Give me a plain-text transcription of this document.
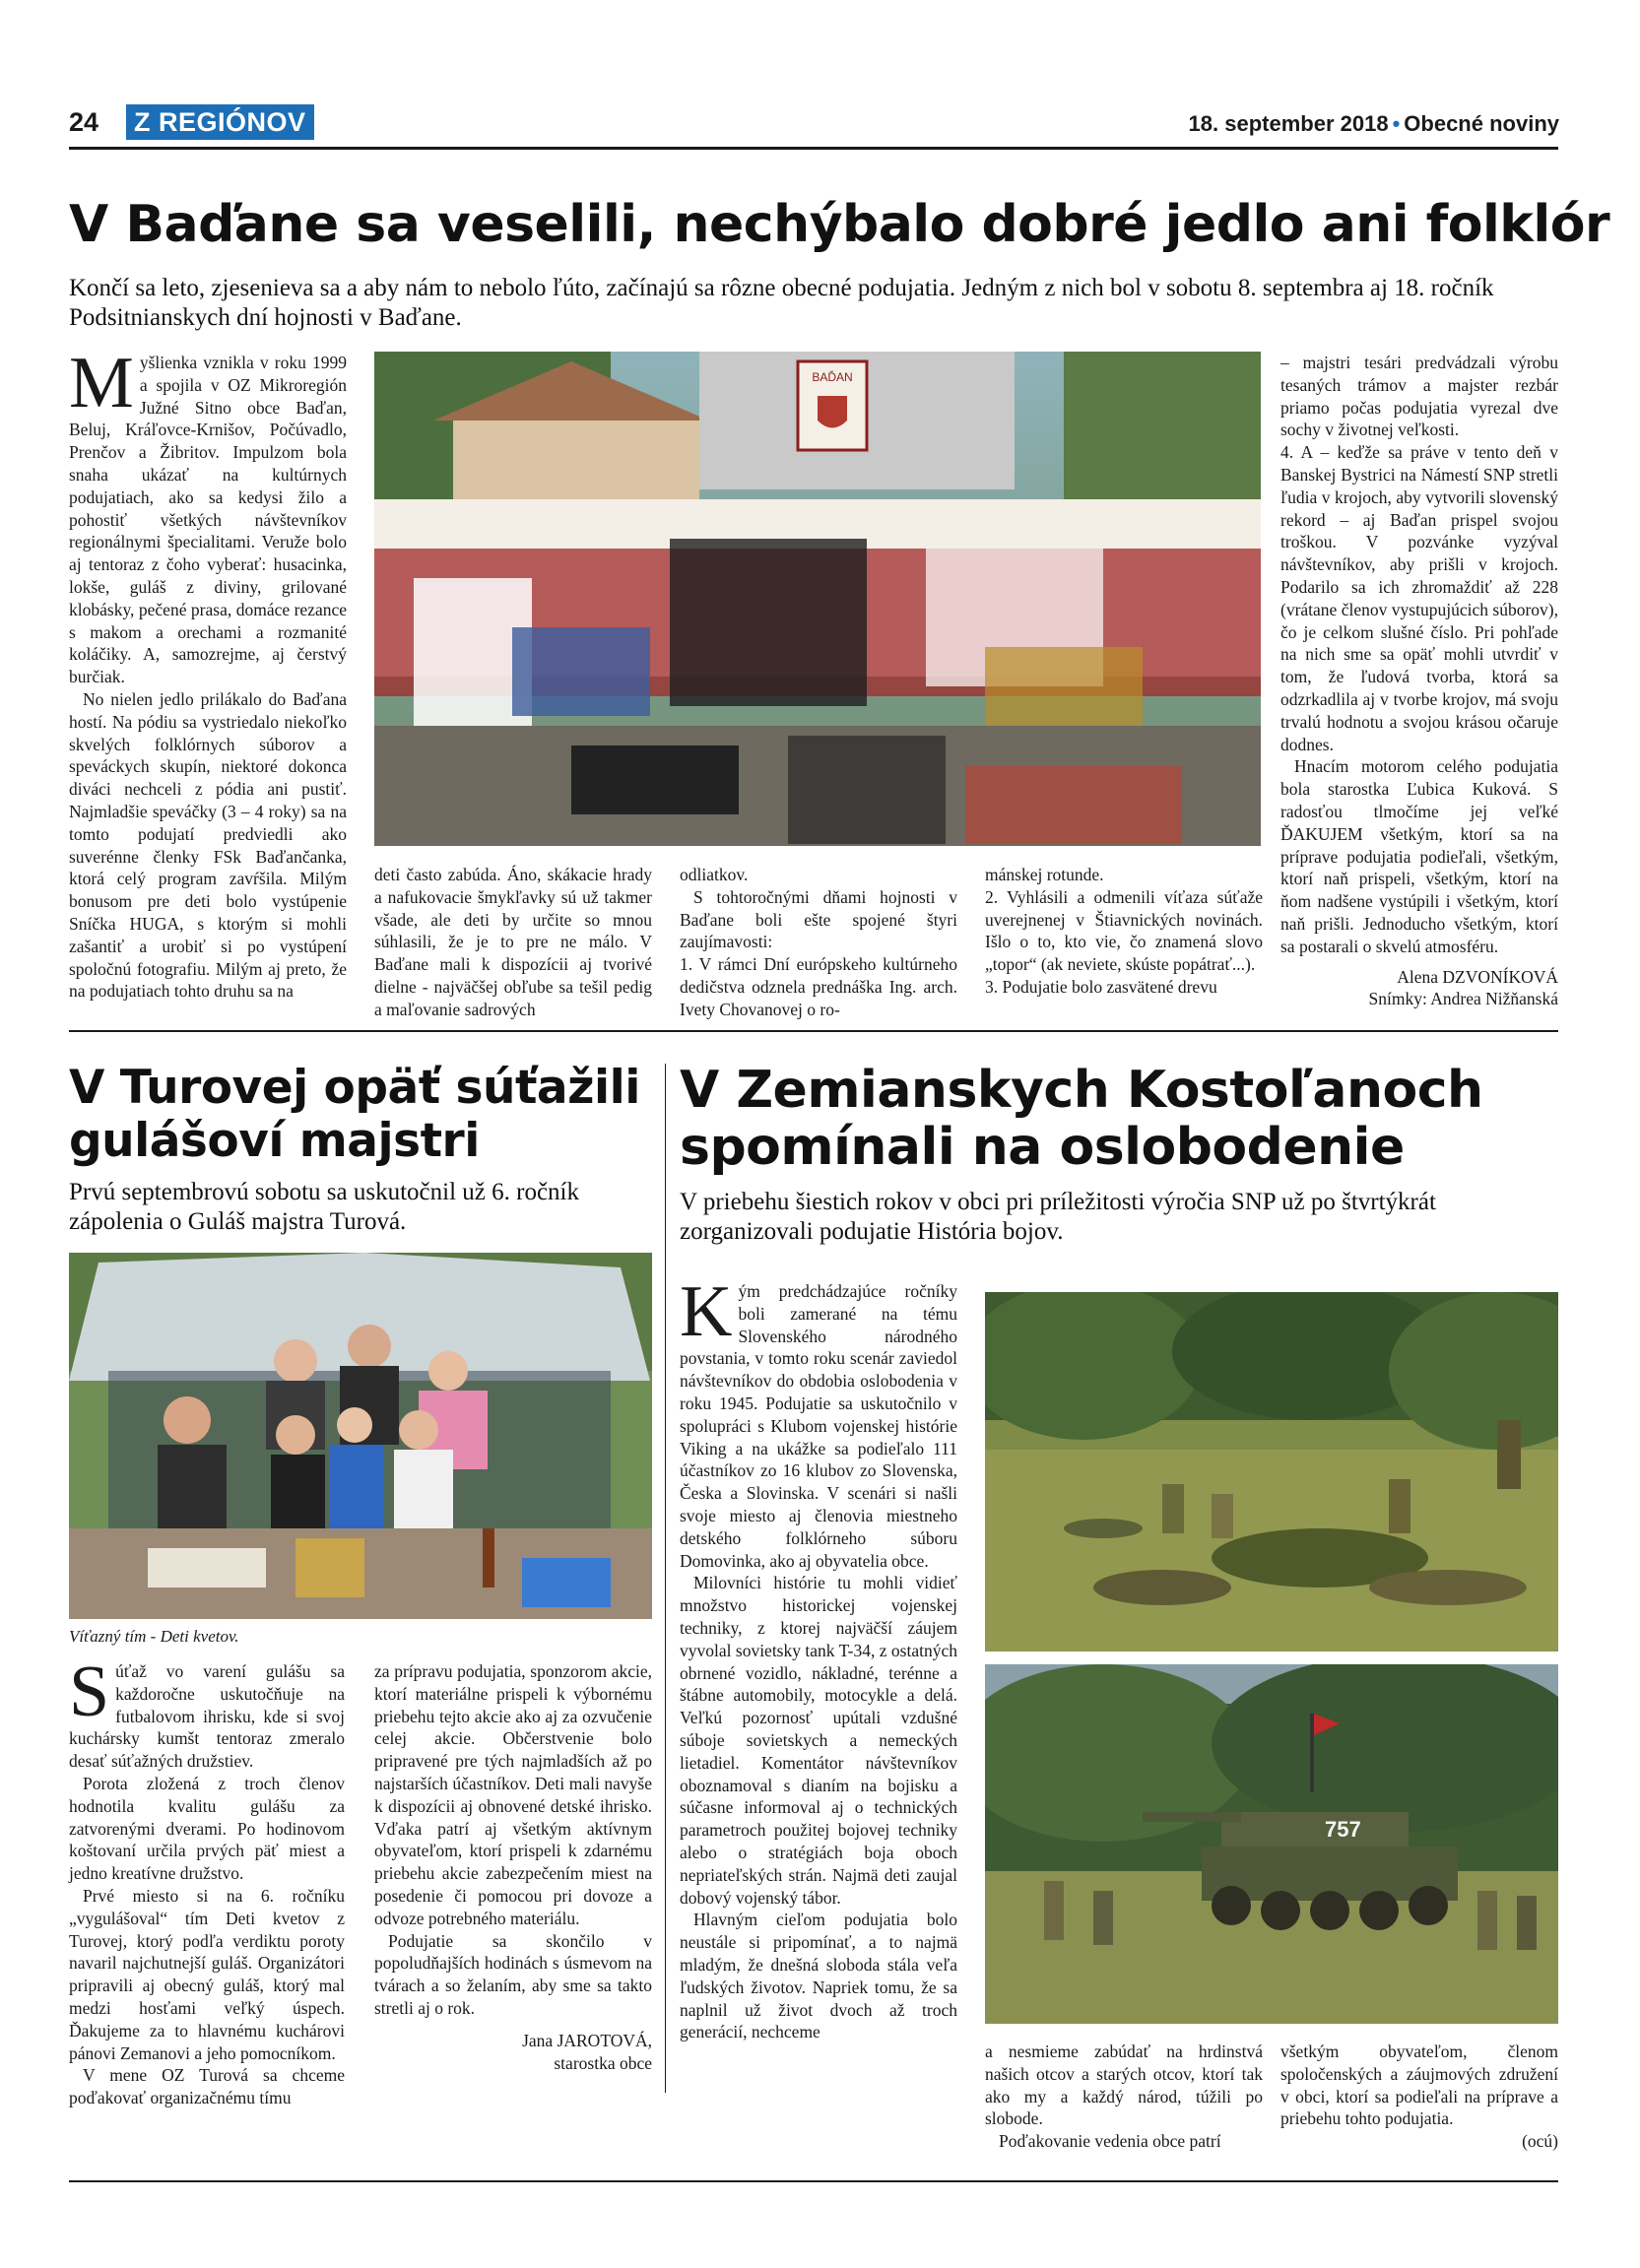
24 Z REGIÓNOV	18. september 2018 • Obecné noviny
V Baďane sa veselili, nechýbalo dobré jedlo ani folklór
Končí sa leto, zjesenieva sa a aby nám to nebolo ľúto, začínajú sa rôzne obecné podujatia. Jedným z nich bol v sobotu 8. septembra aj 18. ročník Podsitnianskych dní hojnosti v Baďane.
BAĎAN
M yšlienka vznikla v roku 1999 a spojila v OZ Mikroregión Južné Sitno obce Baďan, Beluj, Kráľovce-Krnišov, Počúvadlo, Prenčov a Žibritov. Impulzom bola snaha ukázať na kultúrnych podujatiach, ako sa kedysi žilo a pohostiť všetkých návštevníkov regionálnymi špecialitami. Veruže bolo aj tentoraz z čoho vyberať: husacinka, lokše, guláš z diviny, grilované klobásky, pečené prasa, domáce rezance s makom a orechami a rozmanité koláčiky. A, samozrejme, aj čerstvý burčiak.

No nielen jedlo prilákalo do Baďana hostí. Na pódiu sa vystriedalo niekoľko skvelých folklórnych súborov a speváckych skupín, niektoré dokonca diváci nechceli z pódia ani pustiť. Najmladšie speváčky (3 – 4 roky) sa na tomto podujatí predviedli ako suverénne členky FSk Baďančanka, ktorá celý program zavŕšila. Milým bonusom pre deti bolo vystúpenie Sníčka HUGA, s ktorým si mohli zašantiť a urobiť si po vystúpení spoločnú fotografiu. Milým aj preto, že na podujatiach tohto druhu sa na

deti často zabúda. Áno, skákacie hrady a nafukovacie šmykľavky sú už takmer všade, ale deti by určite so mnou súhlasili, že je to pre ne málo. V Baďane mali k dispozícii aj tvorivé dielne - najväčšej obľube sa tešil pedig a maľovanie sadrových

odliatkov.

S tohtoročnými dňami hojnosti v Baďane boli ešte spojené štyri zaujímavosti:

1. V rámci Dní európskeho kultúrneho dedičstva odznela prednáška Ing. arch. Ivety Chovanovej o ro-

mánskej rotunde.

2. Vyhlásili a odmenili víťaza súťaže uverejnenej v Štiavnických novinách. Išlo o to, kto vie, čo znamená slovo „topor“ (ak neviete, skúste popátrať...).

3. Podujatie bolo zasvätené drevu

– majstri tesári predvádzali výrobu tesaných trámov a majster rezbár priamo počas podujatia vyrezal dve sochy v životnej veľkosti.

4. A – keďže sa práve v tento deň v Banskej Bystrici na Námestí SNP stretli ľudia v krojoch, aby vytvorili slovenský rekord – aj Baďan prispel svojou troškou. V pozvánke vyzýval návštevníkov, aby prišli v krojoch. Podarilo sa ich zhromaždiť až 228 (vrátane členov vystupujúcich súborov), čo je celkom slušné číslo. Pri pohľade na nich sme sa opäť mohli utvrdiť v tom, že ľudová tvorba, ktorá sa odzrkadlila aj v tvorbe krojov, má svoju trvalú hodnotu a svojou krásou očaruje dodnes.

Hnacím motorom celého podujatia bola starostka Ľubica Kuková. S radosťou tlmočíme jej veľké ĎAKUJEM všetkým, ktorí sa na príprave podujatia podieľali, všetkým, ktorí naň prispeli, všetkým, ktorí na ňom nadšene vystúpili i všetkým, ktorí naň prišli. Jednoducho všetkým, ktorí sa postarali o skvelú atmosféru.

Alena DZVONÍKOVÁ

Snímky: Andrea Nižňanská

V Turovej opäť súťažili
gulášoví majstri
Prvú septembrovú sobotu sa uskutočnil už 6. ročník zápolenia o Guláš majstra Turová.
Víťazný tím - Deti kvetov.
S úťaž vo varení gulášu sa každoročne uskutočňuje na futbalovom ihrisku, kde si svoj kuchársky kumšt tentoraz zmeralo desať súťažných družstiev.

Porota zložená z troch členov hodnotila kvalitu gulášu za zatvorenými dverami. Po hodinovom koštovaní určila prvých päť miest a jedno kreatívne družstvo.

Prvé miesto si na 6. ročníku „vygulášoval“ tím Deti kvetov z Turovej, ktorý podľa verdiktu poroty navaril najchutnejší guláš. Organizátori pripravili aj obecný guláš, ktorý mal medzi hosťami veľký úspech. Ďakujeme za to hlavnému kuchárovi pánovi Zemanovi a jeho pomocníkom.

V mene OZ Turová sa chceme poďakovať organizačnému tímu

za prípravu podujatia, sponzorom akcie, ktorí materiálne prispeli k výbornému priebehu tejto akcie ako aj za ozvučenie celej akcie. Občerstvenie bolo pripravené pre tých najmladších až po najstarších účastníkov. Deti mali navyše k dispozícii aj obnovené detské ihrisko. Vďaka patrí aj všetkým aktívnym obyvateľom, ktorí prispeli k zdarnému priebehu akcie zabezpečením miest na posedenie či pomocou pri dovoze a odvoze potrebného materiálu.

Podujatie sa skončilo v popoludňajších hodinách s úsmevom na tvárach a so želaním, aby sme sa takto stretli aj o rok.

Jana JAROTOVÁ,

starostka obce

V Zemianskych Kostoľanoch
spomínali na oslobodenie
V priebehu šiestich rokov v obci pri príležitosti výročia SNP už po štvrtýkrát zorganizovali podujatie História bojov.
K ým predchádzajúce ročníky boli zamerané na tému Slovenského národného povstania, v tomto roku scenár zaviedol návštevníkov do obdobia oslobodenia v roku 1945. Podujatie sa uskutočnilo v spolupráci s Klubom vojenskej histórie Viking a na ukážke sa podieľalo 111 účastníkov zo 16 klubov zo Slovenska, Česka a Slovinska. V scenári si našli svoje miesto aj členovia miestneho detského folklórneho súboru Domovinka, ako aj obyvatelia obce.

Milovníci histórie tu mohli vidieť množstvo historickej vojenskej techniky, z ktorej najväčší záujem vyvolal sovietsky tank T-34, z ostatných obrnené vozidlo, nákladné, terénne a štábne automobily, motocykle a delá. Veľkú pozornosť upútali vzdušné súboje sovietskych a nemeckých lietadiel. Komentátor návštevníkov oboznamoval s dianím na bojisku a súčasne informoval aj o technických parametroch použitej bojovej techniky alebo o stratégiách boja oboch nepriateľských strán. Najmä deti zaujal dobový vojenský tábor.

Hlavným cieľom podujatia bolo neustále si pripomínať, a to najmä mladým, že dnešná sloboda stála veľa ľudských životov. Napriek tomu, že sa naplnil už život dvoch až troch generácií, nechceme

757

a nesmieme zabúdať na hrdinstvá našich otcov a starých otcov, ktorí tak ako my a každý národ, túžili po slobode.

Poďakovanie vedenia obce patrí

všetkým obyvateľom, členom spoločenských a záujmových združení v obci, ktorí sa podieľali na príprave a priebehu tohto podujatia.

(ocú)
